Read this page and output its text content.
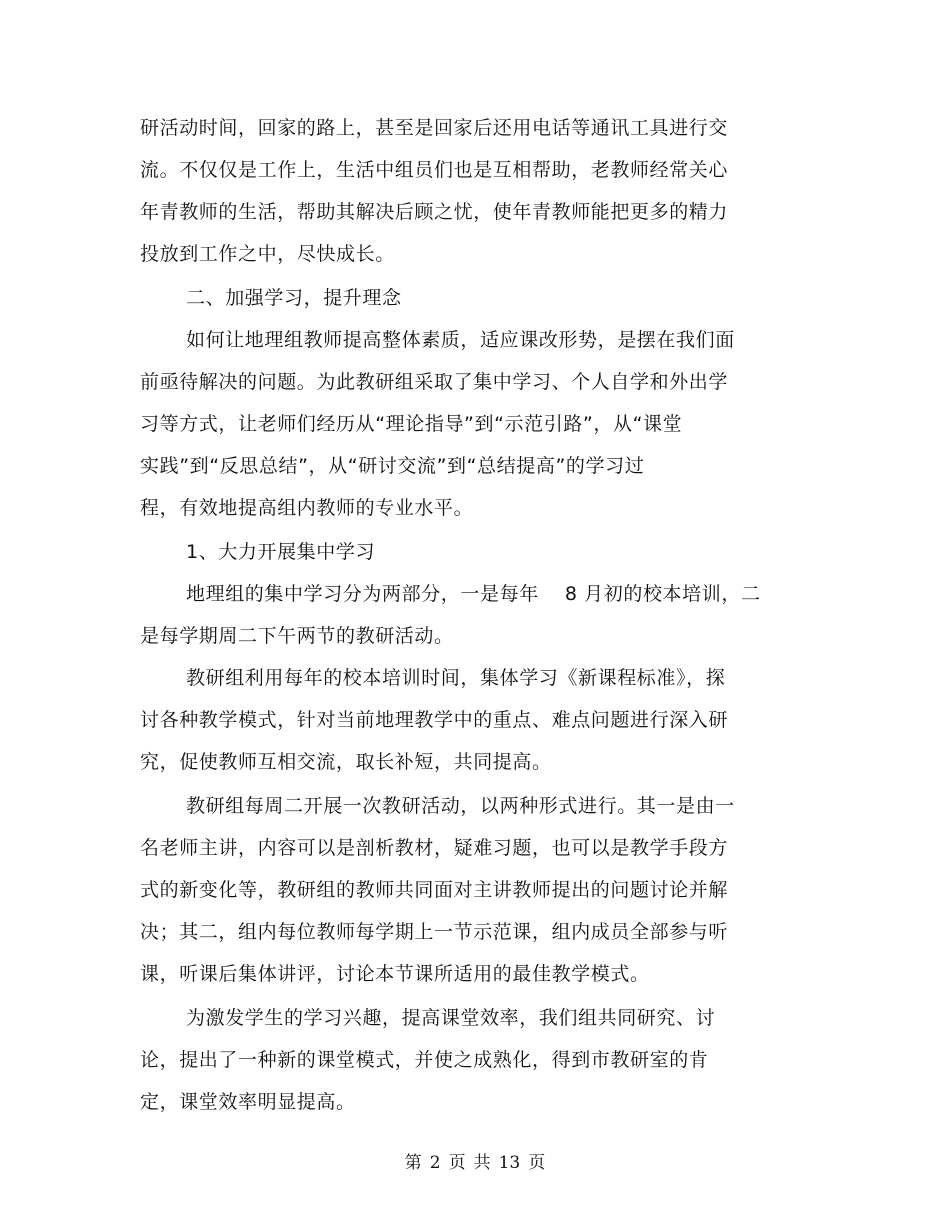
研活动时间，回家的路上，甚至是回家后还用电话等通讯工具进行交
流。不仅仅是工作上，生活中组员们也是互相帮助，老教师经常关心
年青教师的生活，帮助其解决后顾之忧，使年青教师能把更多的精力
投放到工作之中，尽快成长。
二、加强学习，提升理念
如何让地理组教师提高整体素质，适应课改形势，是摆在我们面
前亟待解决的问题。为此教研组采取了集中学习、个人自学和外出学
习等方式，让老师们经历从“理论指导”到“示范引路”，从“课堂
实践”到“反思总结”，从“研讨交流”到“总结提高”的学习过
程，有效地提高组内教师的专业水平。
1、大力开展集中学习
地理组的集中学习分为两部分，一是每年 8 月初的校本培训，二
是每学期周二下午两节的教研活动。
教研组利用每年的校本培训时间，集体学习《新课程标准》，探
讨各种教学模式，针对当前地理教学中的重点、难点问题进行深入研
究，促使教师互相交流，取长补短，共同提高。
教研组每周二开展一次教研活动，以两种形式进行。其一是由一
名老师主讲，内容可以是剖析教材，疑难习题，也可以是教学手段方
式的新变化等，教研组的教师共同面对主讲教师提出的问题讨论并解
决；其二，组内每位教师每学期上一节示范课，组内成员全部参与听
课，听课后集体讲评，讨论本节课所适用的最佳教学模式。
为激发学生的学习兴趣，提高课堂效率，我们组共同研究、讨
论，提出了一种新的课堂模式，并使之成熟化，得到市教研室的肯
定，课堂效率明显提高。
第 2 页 共 13 页
